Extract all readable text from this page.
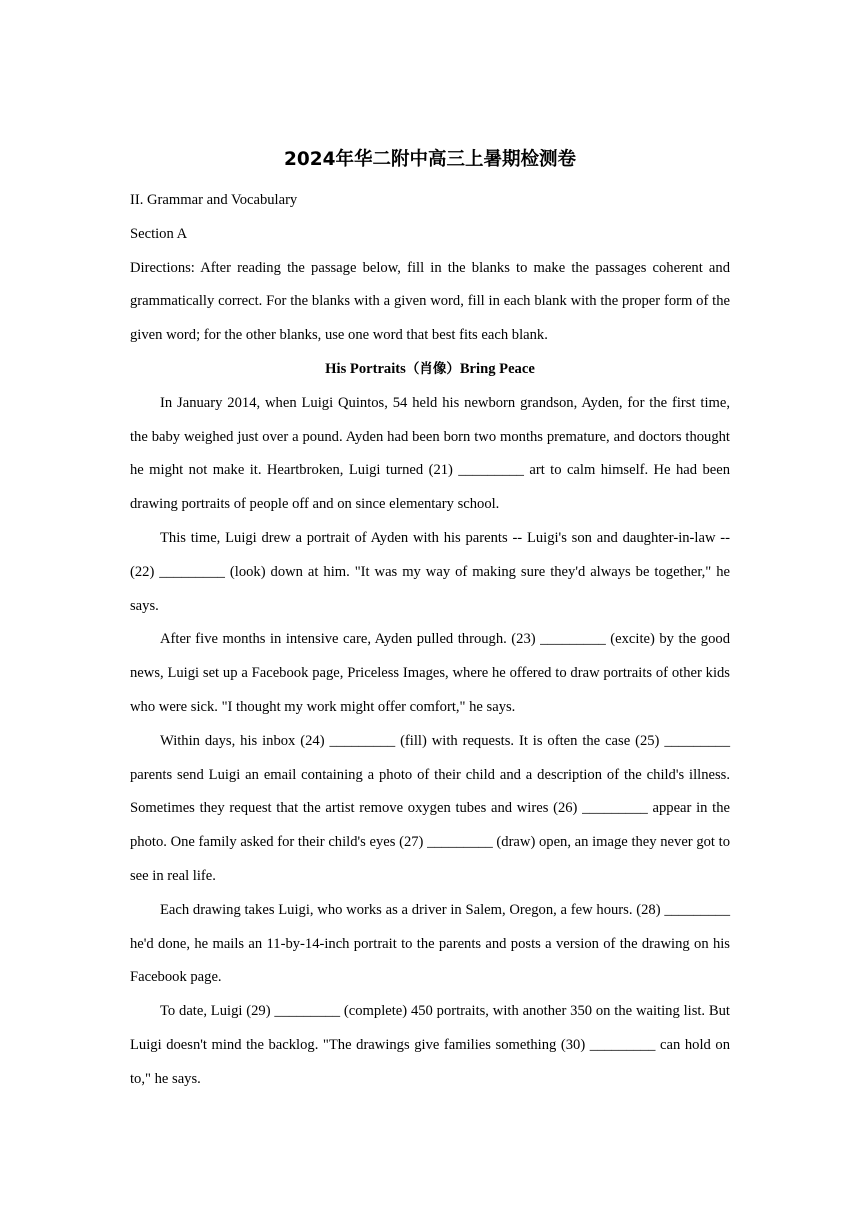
2024年华二附中高三上暑期检测卷

II. Grammar and Vocabulary

Section A

Directions: After reading the passage below, fill in the blanks to make the passages coherent and grammatically correct. For the blanks with a given word, fill in each blank with the proper form of the given word; for the other blanks, use one word that best fits each blank.

His Portraits（肖像）Bring Peace

In January 2014, when Luigi Quintos, 54 held his newborn grandson, Ayden, for the first time, the baby weighed just over a pound. Ayden had been born two months premature, and doctors thought he might not make it. Heartbroken, Luigi turned (21) _________ art to calm himself. He had been drawing portraits of people off and on since elementary school.

This time, Luigi drew a portrait of Ayden with his parents -- Luigi's son and daughter-in-law -- (22) _________ (look) down at him. "It was my way of making sure they'd always be together," he says.

After five months in intensive care, Ayden pulled through. (23) _________ (excite) by the good news, Luigi set up a Facebook page, Priceless Images, where he offered to draw portraits of other kids who were sick. "I thought my work might offer comfort," he says.

Within days, his inbox (24) _________ (fill) with requests. It is often the case (25) _________ parents send Luigi an email containing a photo of their child and a description of the child's illness. Sometimes they request that the artist remove oxygen tubes and wires (26) _________ appear in the photo. One family asked for their child's eyes (27) _________ (draw) open, an image they never got to see in real life.

Each drawing takes Luigi, who works as a driver in Salem, Oregon, a few hours. (28) _________ he'd done, he mails an 11-by-14-inch portrait to the parents and posts a version of the drawing on his Facebook page.

To date, Luigi (29) _________ (complete) 450 portraits, with another 350 on the waiting list. But Luigi doesn't mind the backlog. "The drawings give families something (30) _________ can hold on to," he says.
